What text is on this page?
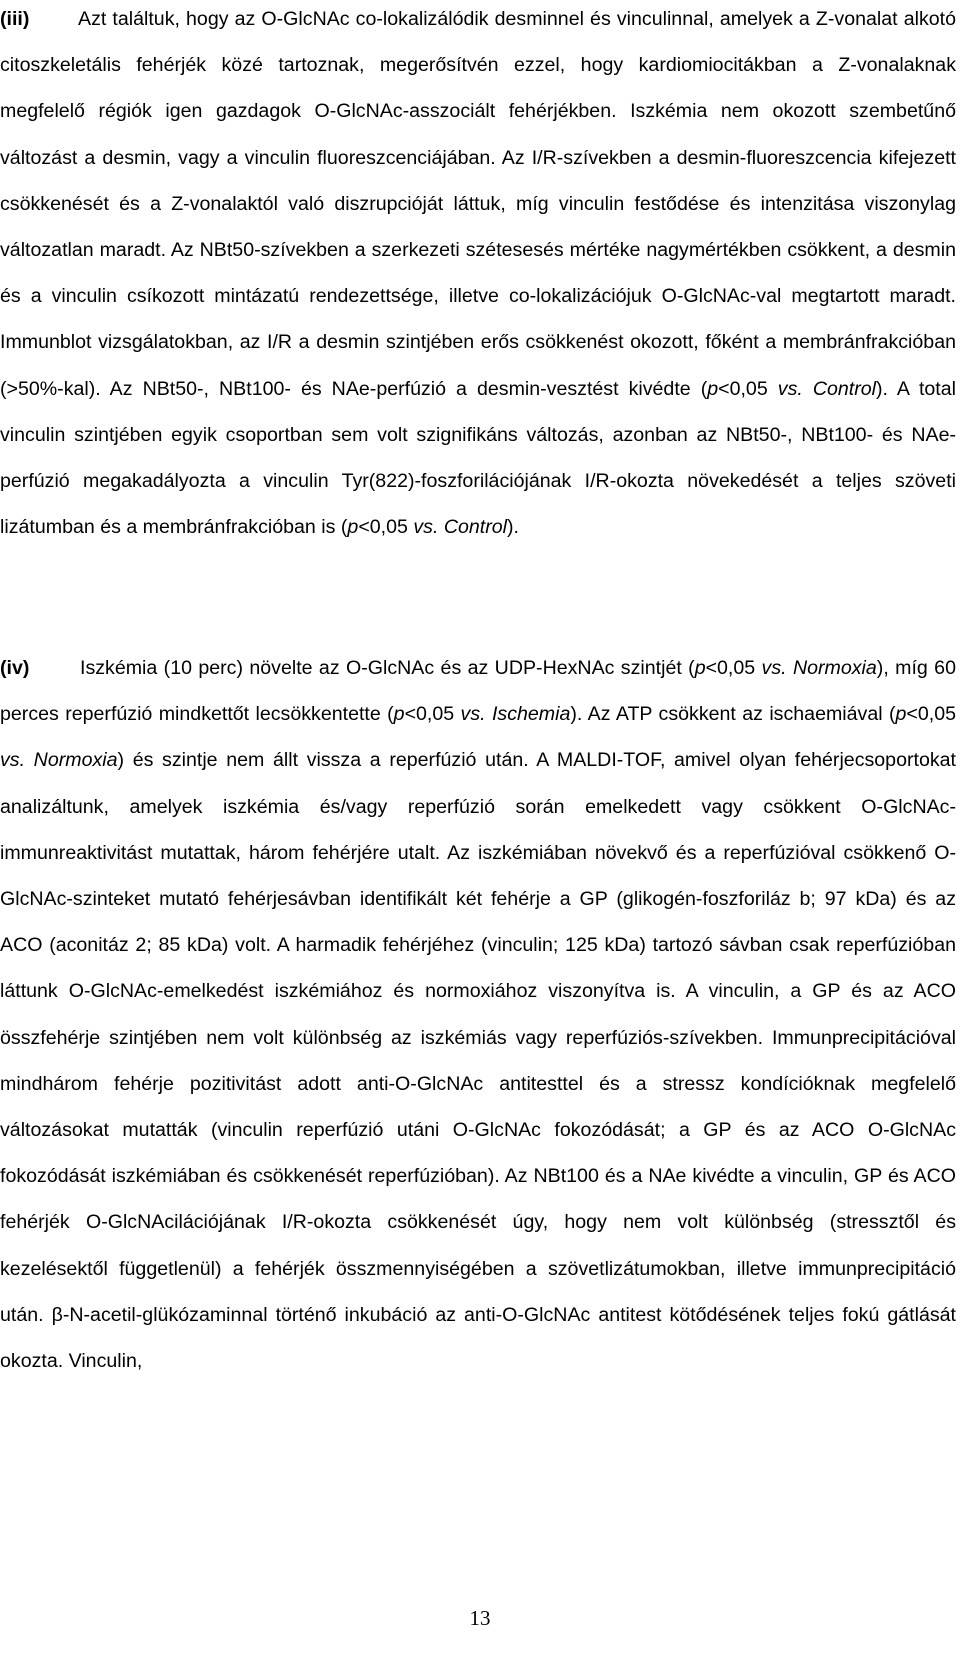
(iii) Azt találtuk, hogy az O-GlcNAc co-lokalizálódik desminnel és vinculinnal, amelyek a Z-vonalat alkotó citoszkeletális fehérjék közé tartoznak, megerősítvén ezzel, hogy kardiomiocitákban a Z-vonalaknak megfelelő régiók igen gazdagok O-GlcNAc-asszociált fehérjékben. Iszkémia nem okozott szembetűnő változást a desmin, vagy a vinculin fluoreszcenciájában. Az I/R-szívekben a desmin-fluoreszcencia kifejezett csökkenését és a Z-vonalaktól való diszrupcióját láttuk, míg vinculin festődése és intenzitása viszonylag változatlan maradt. Az NBt50-szívekben a szerkezeti szétesesés mértéke nagymértékben csökkent, a desmin és a vinculin csíkozott mintázatú rendezettsége, illetve co-lokalizációjuk O-GlcNAc-val megtartott maradt. Immunblot vizsgálatokban, az I/R a desmin szintjében erős csökkenést okozott, főként a membránfrakcióban (>50%-kal). Az NBt50-, NBt100- és NAe-perfúzió a desmin-vesztést kivédte (p<0,05 vs. Control). A total vinculin szintjében egyik csoportban sem volt szignifikáns változás, azonban az NBt50-, NBt100- és NAe-perfúzió megakadályozta a vinculin Tyr(822)-foszforilációjának I/R-okozta növekedését a teljes szöveti lizátumban és a membránfrakcióban is (p<0,05 vs. Control).
(iv)	Iszkémia (10 perc) növelte az O-GlcNAc és az UDP-HexNAc szintjét (p<0,05 vs. Normoxia), míg 60 perces reperfúzió mindkettőt lecsökkentette (p<0,05 vs. Ischemia). Az ATP csökkent az ischaemiával (p<0,05 vs. Normoxia) és szintje nem állt vissza a reperfúzió után. A MALDI-TOF, amivel olyan fehérjecsoportokat analizáltunk, amelyek iszkémia és/vagy reperfúzió során emelkedett vagy csökkent O-GlcNAc-immunreaktivitást mutattak, három fehérjére utalt. Az iszkémiában növekvő és a reperfúzióval csökkenő O-GlcNAc-szinteket mutató fehérjesávban identifikált két fehérje a GP (glikogén-foszforiláz b; 97 kDa) és az ACO (aconitáz 2; 85 kDa) volt. A harmadik fehérjéhez (vinculin; 125 kDa) tartozó sávban csak reperfúzióban láttunk O-GlcNAc-emelkedést iszkémiához és normoxiához viszonyítva is. A vinculin, a GP és az ACO összfehérje szintjében nem volt különbség az iszkémiás vagy reperfúziós-szívekben. Immunprecipitációval mindhárom fehérje pozitivitást adott anti-O-GlcNAc antitesttel és a stressz kondícióknak megfelelő változásokat mutatták (vinculin reperfúzió utáni O-GlcNAc fokozódását; a GP és az ACO O-GlcNAc fokozódását iszkémiában és csökkenését reperfúzióban). Az NBt100 és a NAe kivédte a vinculin, GP és ACO fehérjék O-GlcNAcilációjának I/R-okozta csökkenését úgy, hogy nem volt különbség (stressztől és kezelésektől függetlenül) a fehérjék összmennyiségében a szövetlizátumokban, illetve immunprecipitáció után. β-N-acetil-glükózaminnal történő inkubáció az anti-O-GlcNAc antitest kötődésének teljes fokú gátlását okozta. Vinculin,
13
